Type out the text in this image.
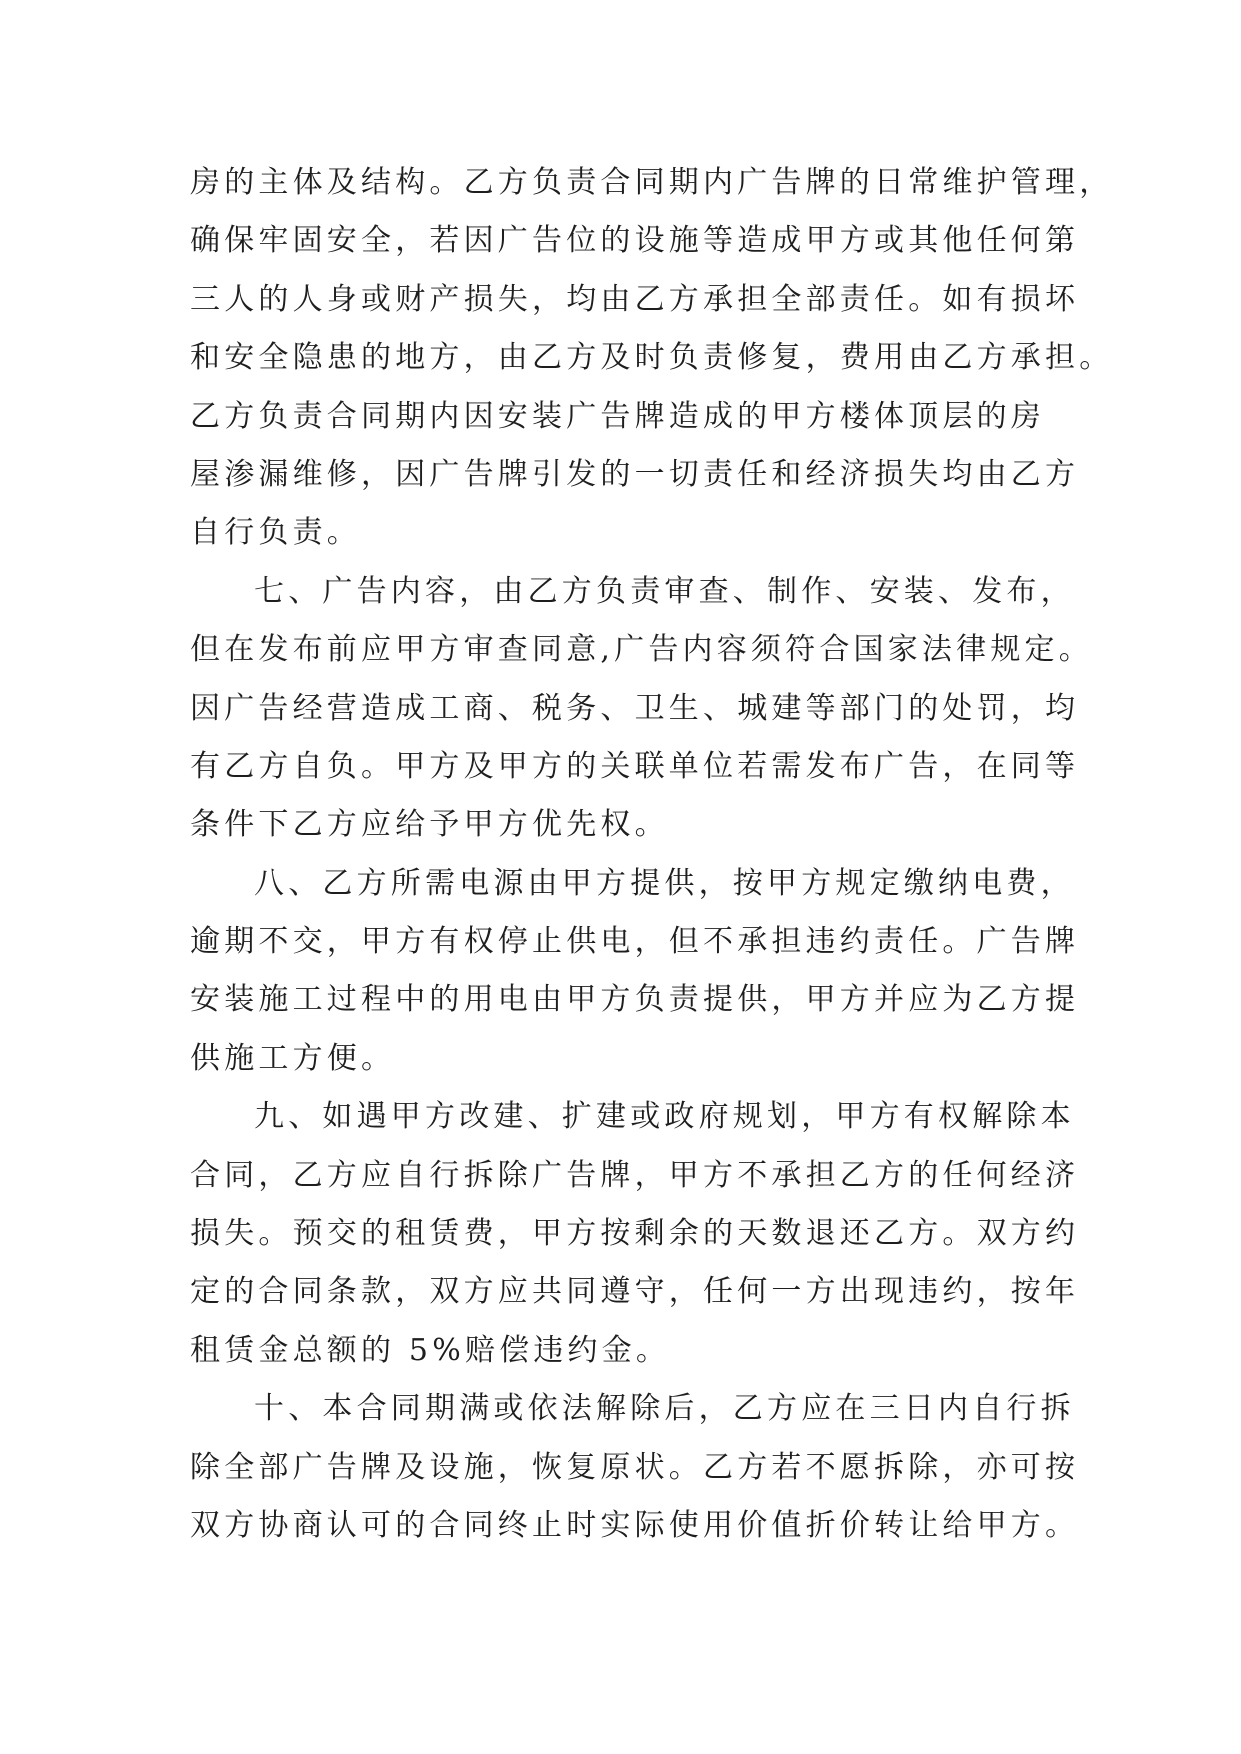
房的主体及结构。乙方负责合同期内广告牌的日常维护管理，
确保牢固安全，若因广告位的设施等造成甲方或其他任何第
三人的人身或财产损失，均由乙方承担全部责任。如有损坏
和安全隐患的地方，由乙方及时负责修复，费用由乙方承担。
乙方负责合同期内因安装广告牌造成的甲方楼体顶层的房
屋渗漏维修，因广告牌引发的一切责任和经济损失均由乙方
自行负责。
七、广告内容，由乙方负责审查、制作、安装、发布，
但在发布前应甲方审查同意,广告内容须符合国家法律规定。
因广告经营造成工商、税务、卫生、城建等部门的处罚，均
有乙方自负。甲方及甲方的关联单位若需发布广告，在同等
条件下乙方应给予甲方优先权。
八、乙方所需电源由甲方提供，按甲方规定缴纳电费，
逾期不交，甲方有权停止供电，但不承担违约责任。广告牌
安装施工过程中的用电由甲方负责提供，甲方并应为乙方提
供施工方便。
九、如遇甲方改建、扩建或政府规划，甲方有权解除本
合同，乙方应自行拆除广告牌，甲方不承担乙方的任何经济
损失。预交的租赁费，甲方按剩余的天数退还乙方。双方约
定的合同条款，双方应共同遵守，任何一方出现违约，按年
租赁金总额的 5%赔偿违约金。
十、本合同期满或依法解除后，乙方应在三日内自行拆
除全部广告牌及设施，恢复原状。乙方若不愿拆除，亦可按
双方协商认可的合同终止时实际使用价值折价转让给甲方。
